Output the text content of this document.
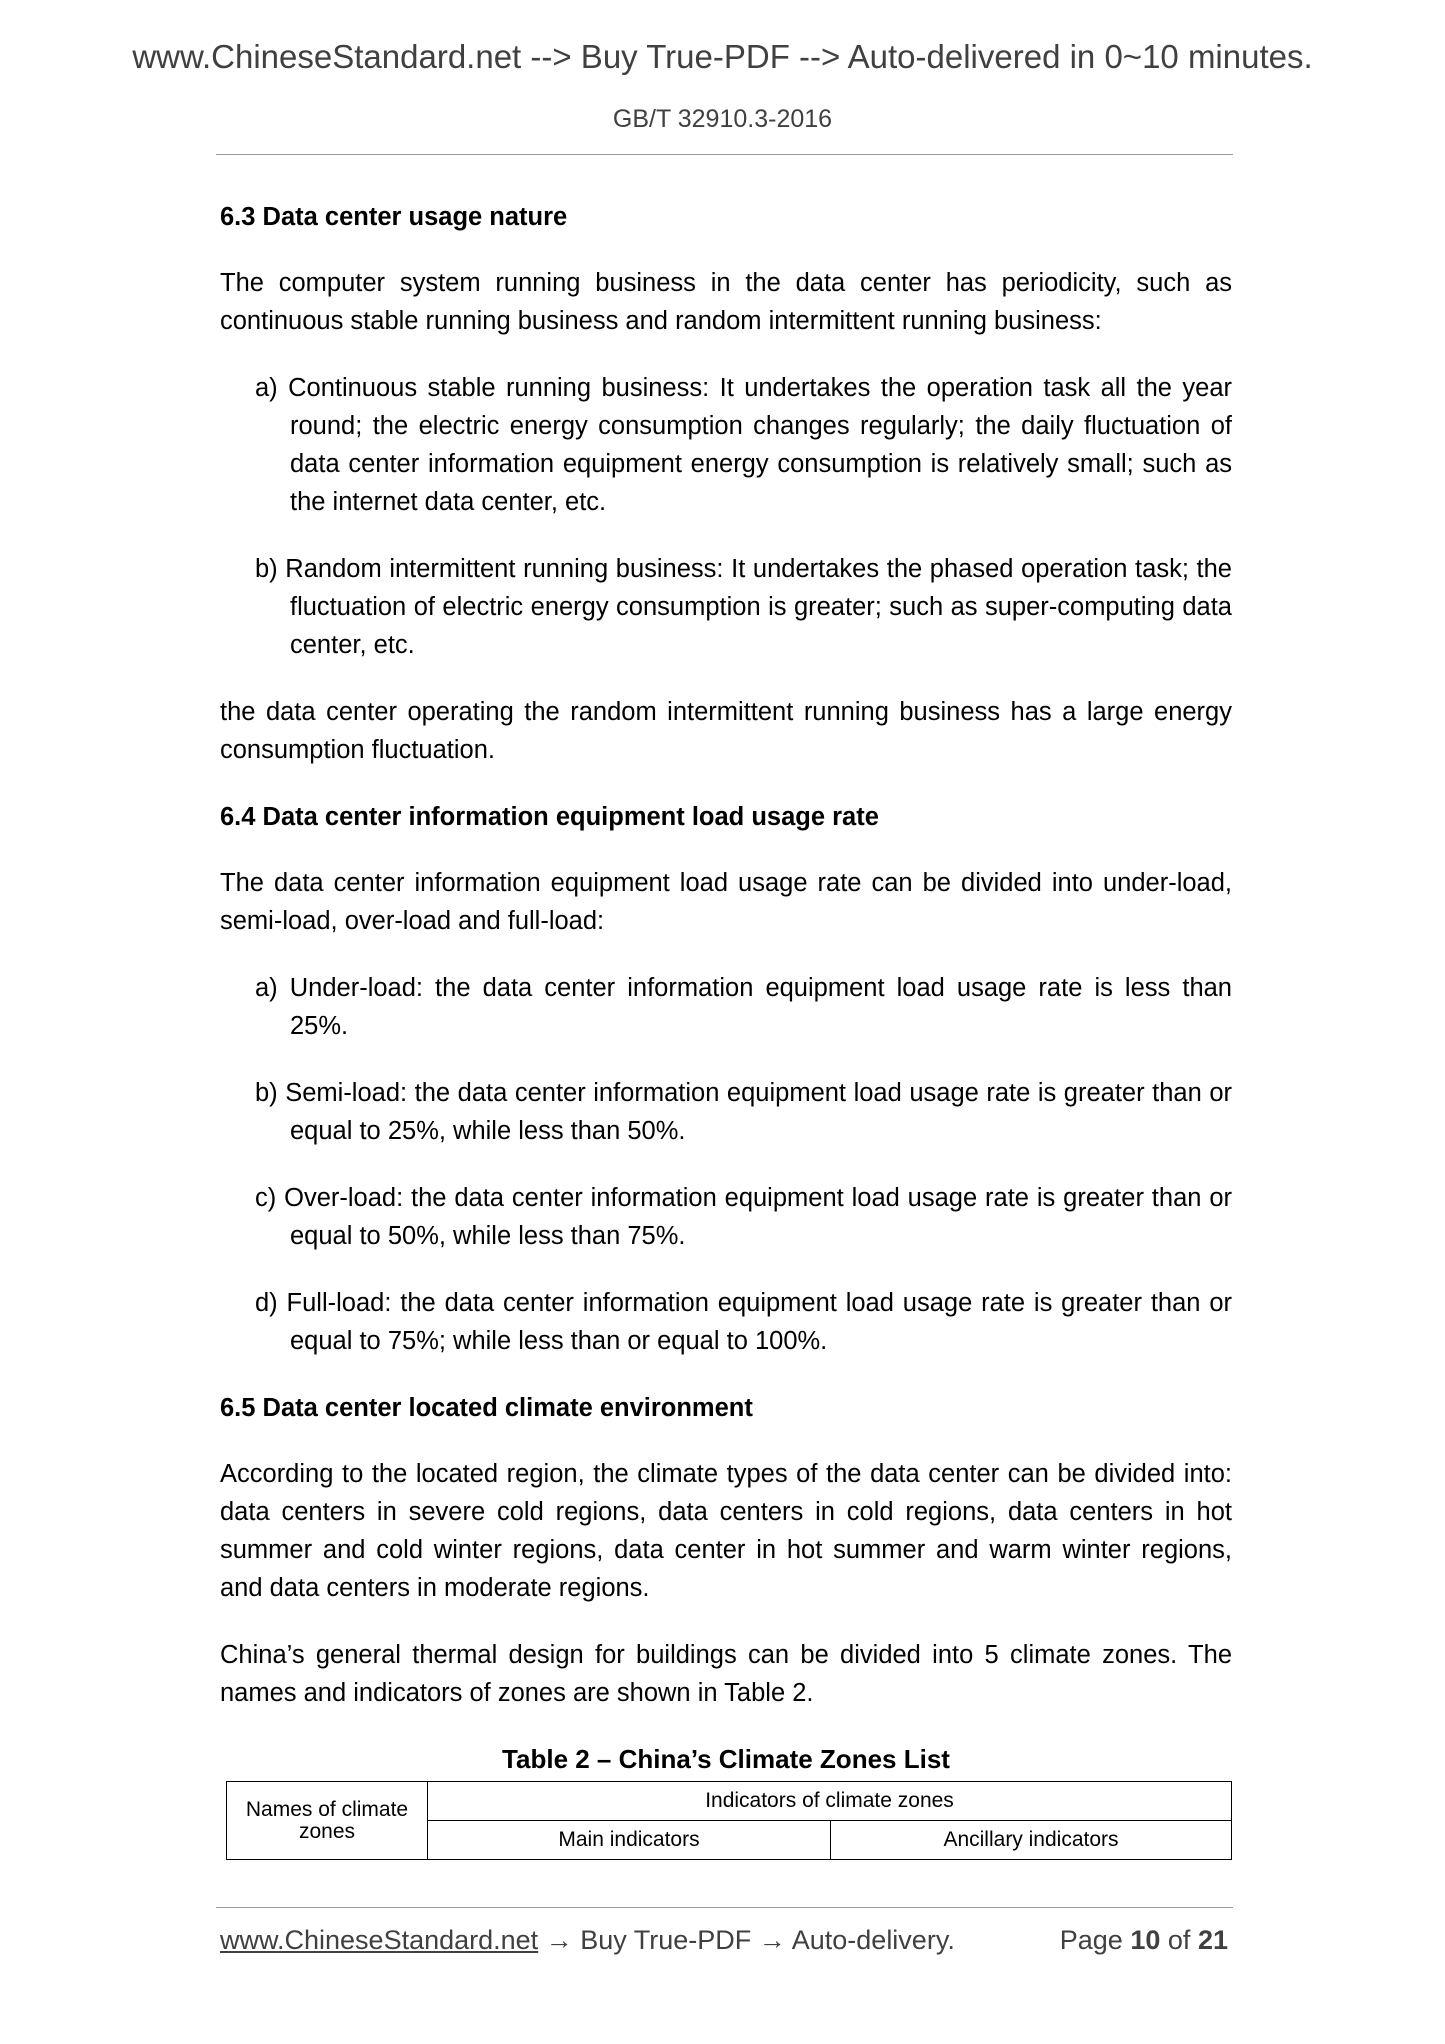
www.ChineseStandard.net --> Buy True-PDF --> Auto-delivered in 0~10 minutes.
GB/T 32910.3-2016
6.3 Data center usage nature

The computer system running business in the data center has periodicity, such as continuous stable running business and random intermittent running business:

a) Continuous stable running business: It undertakes the operation task all the year round; the electric energy consumption changes regularly; the daily fluctuation of data center information equipment energy consumption is relatively small; such as the internet data center, etc.
b) Random intermittent running business: It undertakes the phased operation task; the fluctuation of electric energy consumption is greater; such as super-computing data center, etc.

the data center operating the random intermittent running business has a large energy consumption fluctuation.

6.4 Data center information equipment load usage rate

The data center information equipment load usage rate can be divided into under-load, semi-load, over-load and full-load:

a) Under-load: the data center information equipment load usage rate is less than 25%.
b) Semi-load: the data center information equipment load usage rate is greater than or equal to 25%, while less than 50%.
c) Over-load: the data center information equipment load usage rate is greater than or equal to 50%, while less than 75%.
d) Full-load: the data center information equipment load usage rate is greater than or equal to 75%; while less than or equal to 100%.
6.5 Data center located climate environment

According to the located region, the climate types of the data center can be divided into: data centers in severe cold regions, data centers in cold regions, data centers in hot summer and cold winter regions, data center in hot summer and warm winter regions, and data centers in moderate regions.

China’s general thermal design for buildings can be divided into 5 climate zones. The names and indicators of zones are shown in Table 2.

Table 2 – China’s Climate Zones List
Names of climate
zones	Indicators of climate zones	
	Main indicators	Ancillary indicators
www.ChineseStandard.net → Buy True-PDF → Auto-delivery.	Page 10 of 21
